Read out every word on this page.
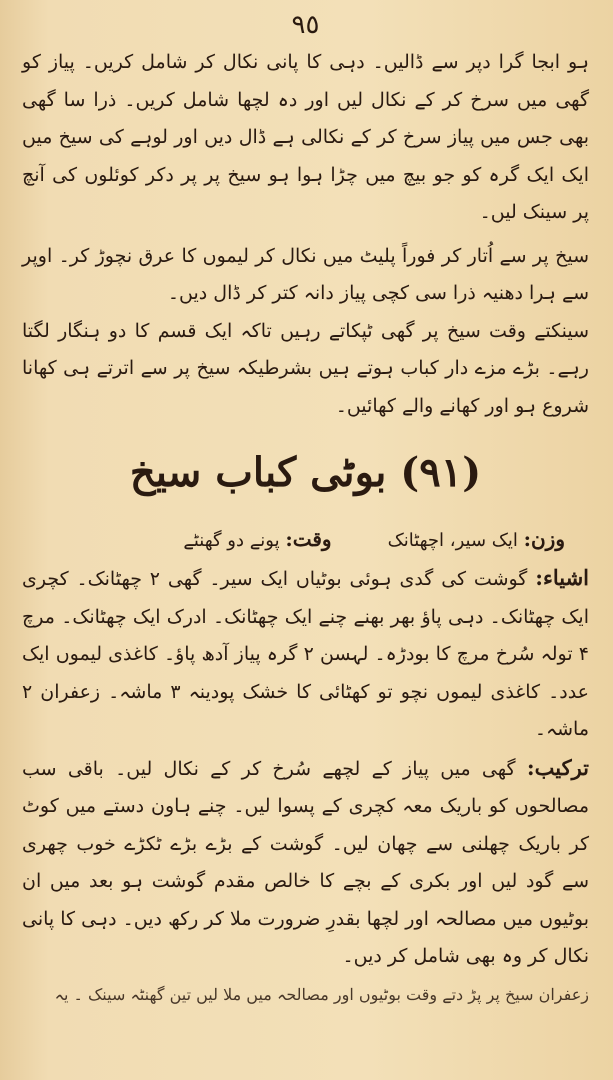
٩٥

ہو ابجا گرا دپر سے ڈالیں۔ دہی کا پانی نکال کر شامل کریں۔ پیاز کو گھی میں سرخ کر کے نکال لیں اور دہ لچھا شامل کریں۔ ذرا سا گھی بھی جس میں پیاز سرخ کر کے نکالی ہے ڈال دیں اور لوہے کی سیخ میں ایک ایک گرہ کو جو بیچ میں چڑا ہوا ہو سیخ پر پر دکر کوئلوں کی آنچ پر سینک لیں۔

سیخ پر سے اُتار کر فوراً پلیٹ میں نکال کر لیموں کا عرق نچوڑ کر۔ اوپر سے ہرا دھنیہ ذرا سی کچی پیاز دانہ کتر کر ڈال دیں۔

سینکتے وقت سیخ پر گھی ٹپکاتے رہیں تاکہ ایک قسم کا دو ہنگار لگتا رہے۔ بڑے مزے دار کباب ہوتے ہیں بشرطیکہ سیخ پر سے اترتے ہی کھانا شروع ہو اور کھانے والے کھائیں۔

(۹۱) بوٹی کباب سیخ
وزن: ایک سیر، اچھٹانک
وقت: پونے دو گھنٹے

اشیاء: گوشت کی گدی ہوئی بوٹیاں ایک سیر۔ گھی ۲ چھٹانک۔ کچری ایک چھٹانک۔ دہی پاؤ بھر بھنے چنے ایک چھٹانک۔ ادرک ایک چھٹانک۔ مرچ ۴ تولہ سُرخ مرچ کا بودڑہ۔ لہسن ۲ گرہ پیاز آدھ پاؤ۔ کاغذی لیموں ایک عدد۔ کاغذی لیموں نچو تو کھٹائی کا خشک پودینہ ۳ ماشہ۔ زعفران ۲ ماشہ۔

ترکیب: گھی میں پیاز کے لچھے سُرخ کر کے نکال لیں۔ باقی سب مصالحوں کو باریک معہ کچری کے پسوا لیں۔ چنے ہاون دستے میں کوٹ کر باریک چھلنی سے چھان لیں۔ گوشت کے بڑے بڑے ٹکڑے خوب چھری سے گود لیں اور بکری کے بچے کا خالص مقدم گوشت ہو بعد میں ان بوٹیوں میں مصالحہ اور لچھا بقدرِ ضرورت ملا کر رکھ دیں۔ دہی کا پانی نکال کر وہ بھی شامل کر دیں۔

زعفران سیخ پر پڑ دتے وقت بوٹیوں اور مصالحہ میں ملا لیں تین گھنٹہ سینک ۔ یہ
